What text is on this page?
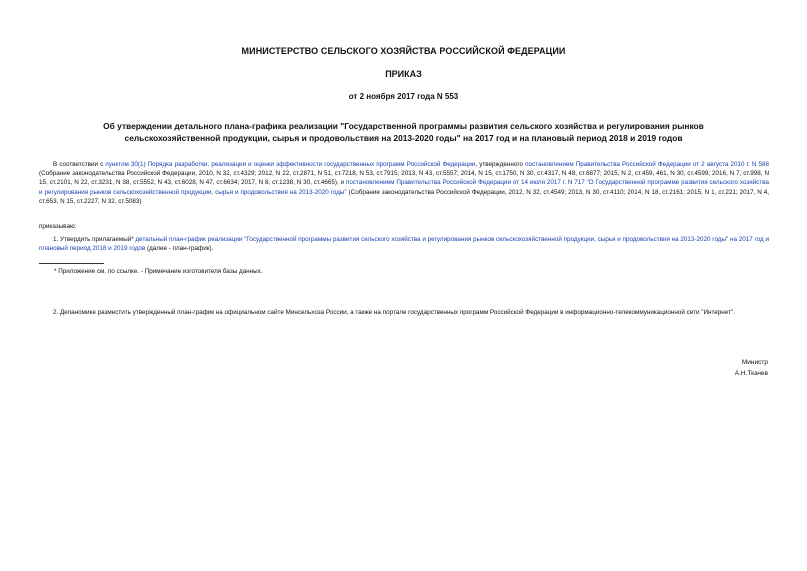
МИНИСТЕРСТВО СЕЛЬСКОГО ХОЗЯЙСТВА РОССИЙСКОЙ ФЕДЕРАЦИИ
ПРИКАЗ
от 2 ноября 2017 года N 553
Об утверждении детального плана-графика реализации "Государственной программы развития сельского хозяйства и регулирования рынков
сельскохозяйственной продукции, сырья и продовольствия на 2013-2020 годы" на 2017 год и на плановый период 2018 и 2019 годов
В соответствии с пунктом 30(1) Порядка разработки, реализации и оценки эффективности государственных программ Российской Федерации, утвержденного постановлением Правительства Российской Федерации от 2 августа 2010 г. N 588 (Собрание законодательства Российской Федерации, 2010, N 32, ст.4329; 2012, N 22, ст.2871, N 51, ст.7218, N 53, ст.7915; 2013, N 43, ст.5557; 2014, N 15, ст.1750, N 30, ст.4317, N 48, ст.6877; 2015, N 2, ст.459, 461, N 30, ст.4599; 2016, N 7, ст.998, N 15, ст.2101, N 22, ст.3231, N 38, ст.5552, N 43, ст.6028, N 47, ст.6634; 2017, N 8, ст.1238, N 30, ст.4665), и постановлением Правительства Российской Федерации от 14 июля 2017 г. N 717 "О Государственной программе развития сельского хозяйства и регулирования рынков сельскохозяйственной продукции, сырья и продовольствия на 2013-2020 годы" (Собрание законодательства Российской Федерации, 2012, N 32, ст.4549; 2013, N 30, ст.4110; 2014, N 18, ст.2161; 2015, N 1, ст.221; 2017, N 4, ст.653, N 15, ст.2227, N 32, ст.5083)
приказываю:
1. Утвердить прилагаемый* детальный план-график реализации "Государственной программы развития сельского хозяйства и регулирования рынков сельскохозяйственной продукции, сырья и продовольствия на 2013-2020 годы" на 2017 год и плановый период 2018 и 2019 годов (далее - план-график).
* Приложение см. по ссылке. - Примечание изготовителя базы данных.
2. Депаномике разместить утвержденный план-график на официальном сайте Минсельхоза России, а также на портале государственных программ Российской Федерации в информационно-телекоммуникационной сети "Интернет".
Министр
А.Н.Ткачев
